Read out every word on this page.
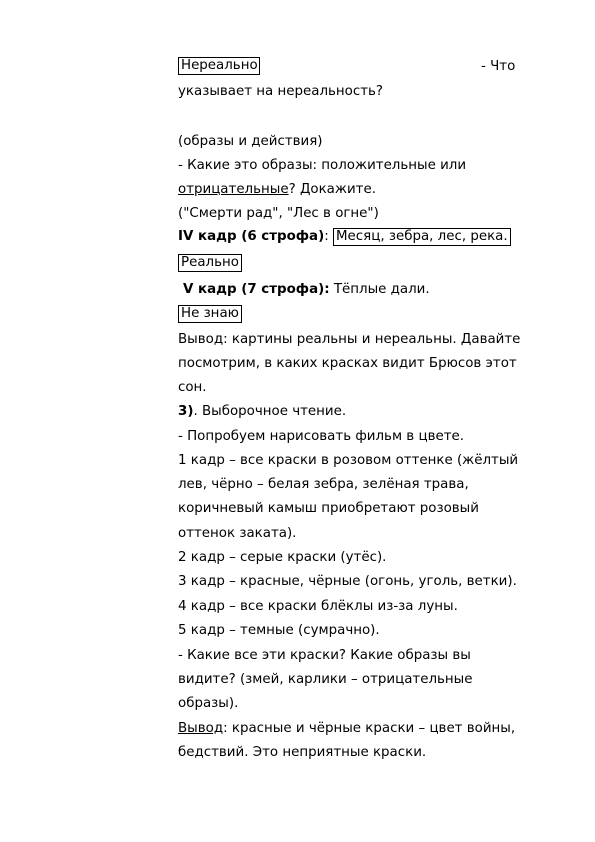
Нереально	- Что
указывает на нереальность?
(образы и действия)
- Какие это образы: положительные или
отрицательные? Докажите.
("Смерти рад", "Лес в огне")
IV кадр (6 строфа): Месяц, зебра, лес, река.
Реально
V кадр (7 строфа): Тёплые дали.
Не знаю
Вывод: картины реальны и нереальны. Давайте
посмотрим, в каких красках видит Брюсов этот
сон.
3). Выборочное чтение.
- Попробуем нарисовать фильм в цвете.
1 кадр – все краски в розовом оттенке (жёлтый
лев, чёрно – белая зебра, зелёная трава,
коричневый камыш приобретают розовый
оттенок заката).
2 кадр – серые краски (утёс).
3 кадр – красные, чёрные (огонь, уголь, ветки).
4 кадр – все краски блёклы из-за луны.
5 кадр – темные (сумрачно).
- Какие все эти краски? Какие образы вы
видите? (змей, карлики – отрицательные
образы).
Вывод: красные и чёрные краски – цвет войны,
бедствий. Это неприятные краски.
